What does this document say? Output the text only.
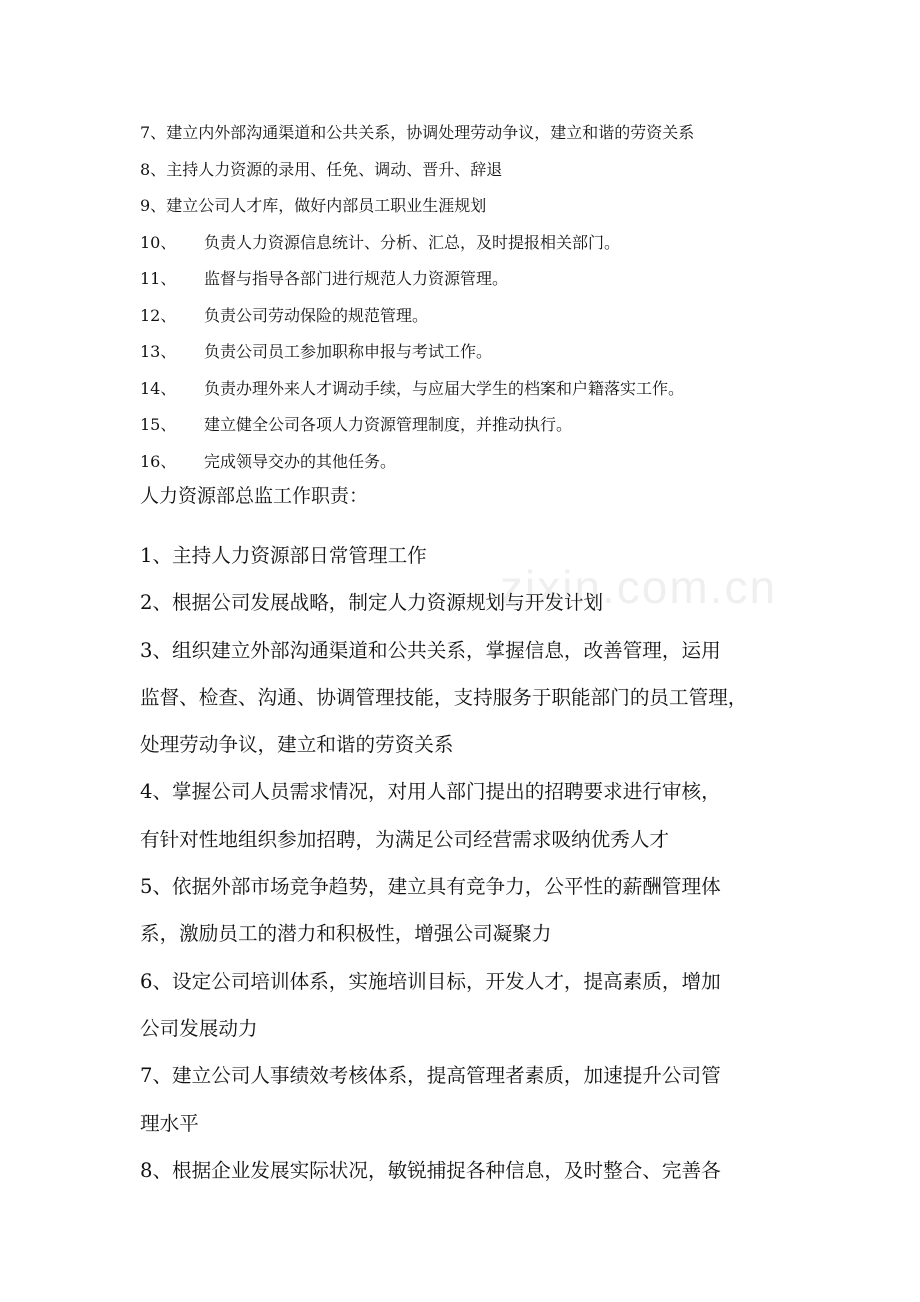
zixin.com.cn
7、建立内外部沟通渠道和公共关系，协调处理劳动争议，建立和谐的劳资关系
8、主持人力资源的录用、任免、调动、晋升、辞退
9、建立公司人才库，做好内部员工职业生涯规划
10、 负责人力资源信息统计、分析、汇总，及时提报相关部门。
11、 监督与指导各部门进行规范人力资源管理。
12、 负责公司劳动保险的规范管理。
13、 负责公司员工参加职称申报与考试工作。
14、 负责办理外来人才调动手续，与应届大学生的档案和户籍落实工作。
15、 建立健全公司各项人力资源管理制度，并推动执行。
16、 完成领导交办的其他任务。
人力资源部总监工作职责：
1、主持人力资源部日常管理工作
2、根据公司发展战略，制定人力资源规划与开发计划
3、组织建立外部沟通渠道和公共关系，掌握信息，改善管理，运用
监督、检查、沟通、协调管理技能，支持服务于职能部门的员工管理，
处理劳动争议，建立和谐的劳资关系
4、掌握公司人员需求情况，对用人部门提出的招聘要求进行审核，
有针对性地组织参加招聘，为满足公司经营需求吸纳优秀人才
5、依据外部市场竞争趋势，建立具有竞争力，公平性的薪酬管理体
系，激励员工的潜力和积极性，增强公司凝聚力
6、设定公司培训体系，实施培训目标，开发人才，提高素质，增加
公司发展动力
7、建立公司人事绩效考核体系，提高管理者素质，加速提升公司管
理水平
8、根据企业发展实际状况，敏锐捕捉各种信息，及时整合、完善各
